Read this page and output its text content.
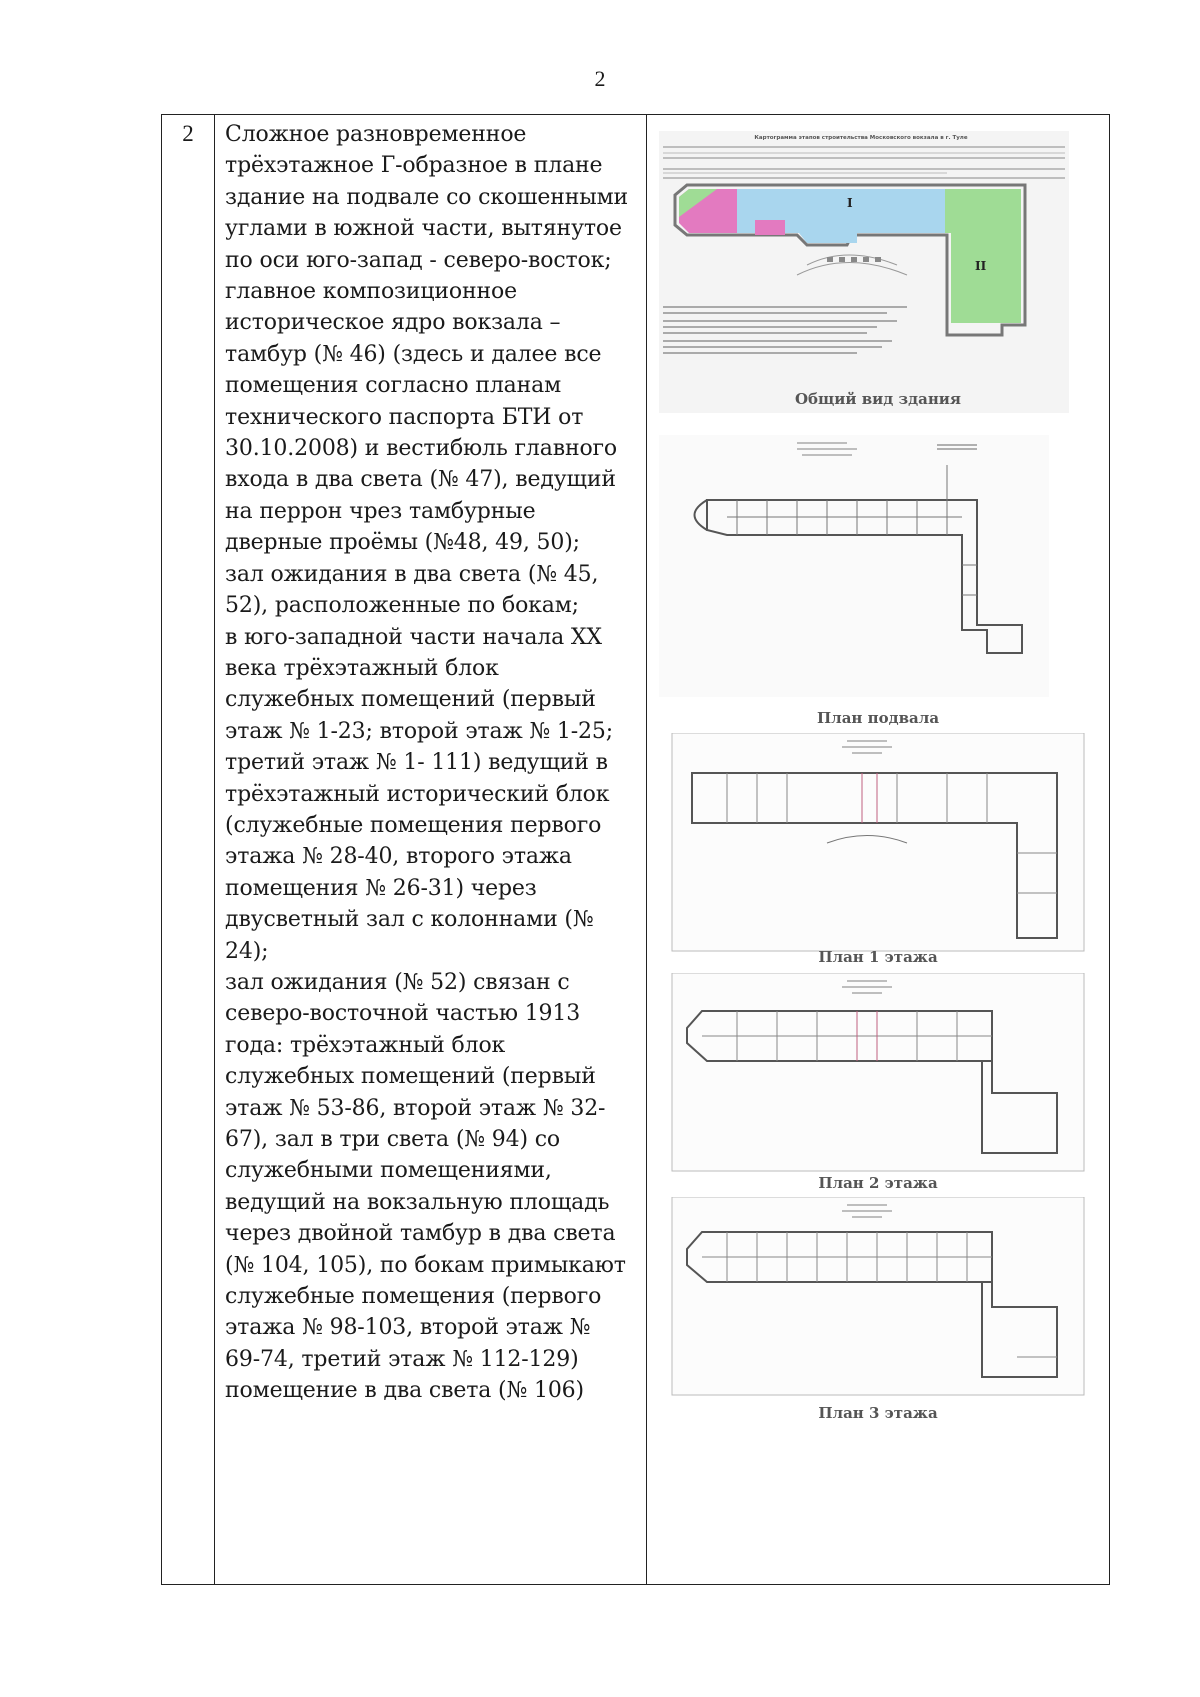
2
2	Сложное разновременное
трёхэтажное Г-образное в плане
здание на подвале со скошенными
углами в южной части, вытянутое
по оси юго-запад - северо-восток;
главное композиционное
историческое ядро вокзала –
тамбур (№ 46) (здесь и далее все
помещения согласно планам
технического паспорта БТИ от
30.10.2008) и вестибюль главного
входа в два света (№ 47), ведущий
на перрон чрез тамбурные
дверные проёмы (№48, 49, 50);
зал ожидания в два света (№ 45,
52), расположенные по бокам;
в юго-западной части начала XX
века трёхэтажный блок
служебных помещений (первый
этаж № 1-23; второй этаж № 1-25;
третий этаж № 1- 111) ведущий в
трёхэтажный исторический блок
(служебные помещения первого
этажа № 28-40, второго этажа
помещения № 26-31) через
двусветный зал с колоннами (№
24);
зал ожидания (№ 52) связан с
северо-восточной частью 1913
года: трёхэтажный блок
служебных помещений (первый
этаж № 53-86, второй этаж № 32-
67), зал в три света (№ 94) со
служебными помещениями,
ведущий на вокзальную площадь
через двойной тамбур в два света
(№ 104, 105), по бокам примыкают
служебные помещения (первого
этажа № 98-103, второй этаж №
69-74, третий этаж № 112-129)
помещение в два света (№ 106)

Картограмма этапов строительства Московского вокзала в г. Туле
I
II
Общий вид здания
План подвала
План 1 этажа
План 2 этажа
План 3 этажа
